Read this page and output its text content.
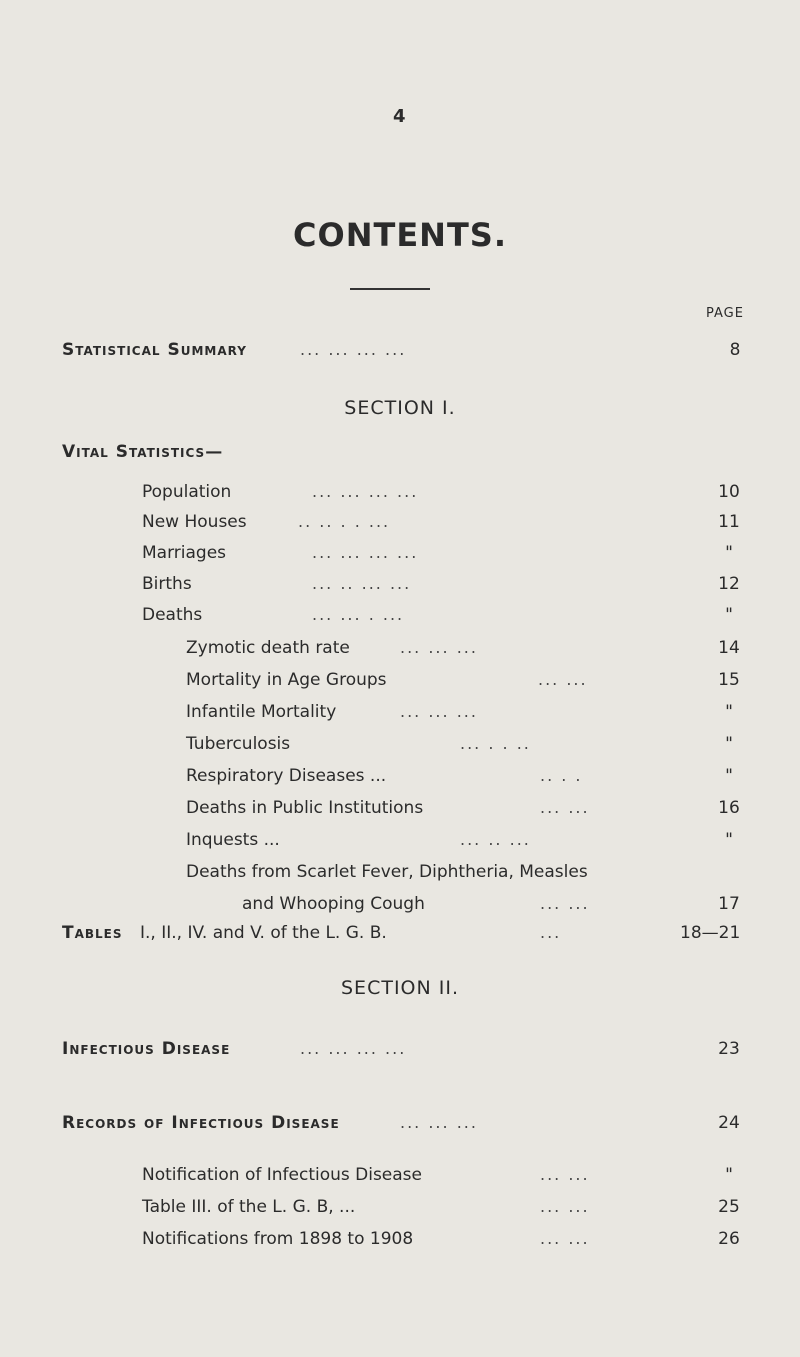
4
CONTENTS.
PAGE
Statistical Summary	... ... ... ...	8
SECTION I.
Vital Statistics—
Population	... ... ... ...	10
New Houses	.. .. . . ...	11
Marriages	... ... ... ...	"
Births	... .. ... ...	12
Deaths	... ... . ...	"
Zymotic death rate	... ... ...	14
Mortality in Age Groups	... ...	15
Infantile Mortality	... ... ...	"
Tuberculosis	... . . ..	"
Respiratory Diseases ...	.. . .	"
Deaths in Public Institutions	... ...	16
Inquests ...	... .. ...	"
Deaths from Scarlet Fever, Diphtheria, Measles
and Whooping Cough	... ...	17
Tables I., II., IV. and V. of the L. G. B.	...	18—21
SECTION II.
Infectious Disease	... ... ... ...	23
Records of Infectious Disease	... ... ...	24
Notification of Infectious Disease	... ...	"
Table III. of the L. G. B, ...	... ...	25
Notifications from 1898 to 1908	... ...	26
